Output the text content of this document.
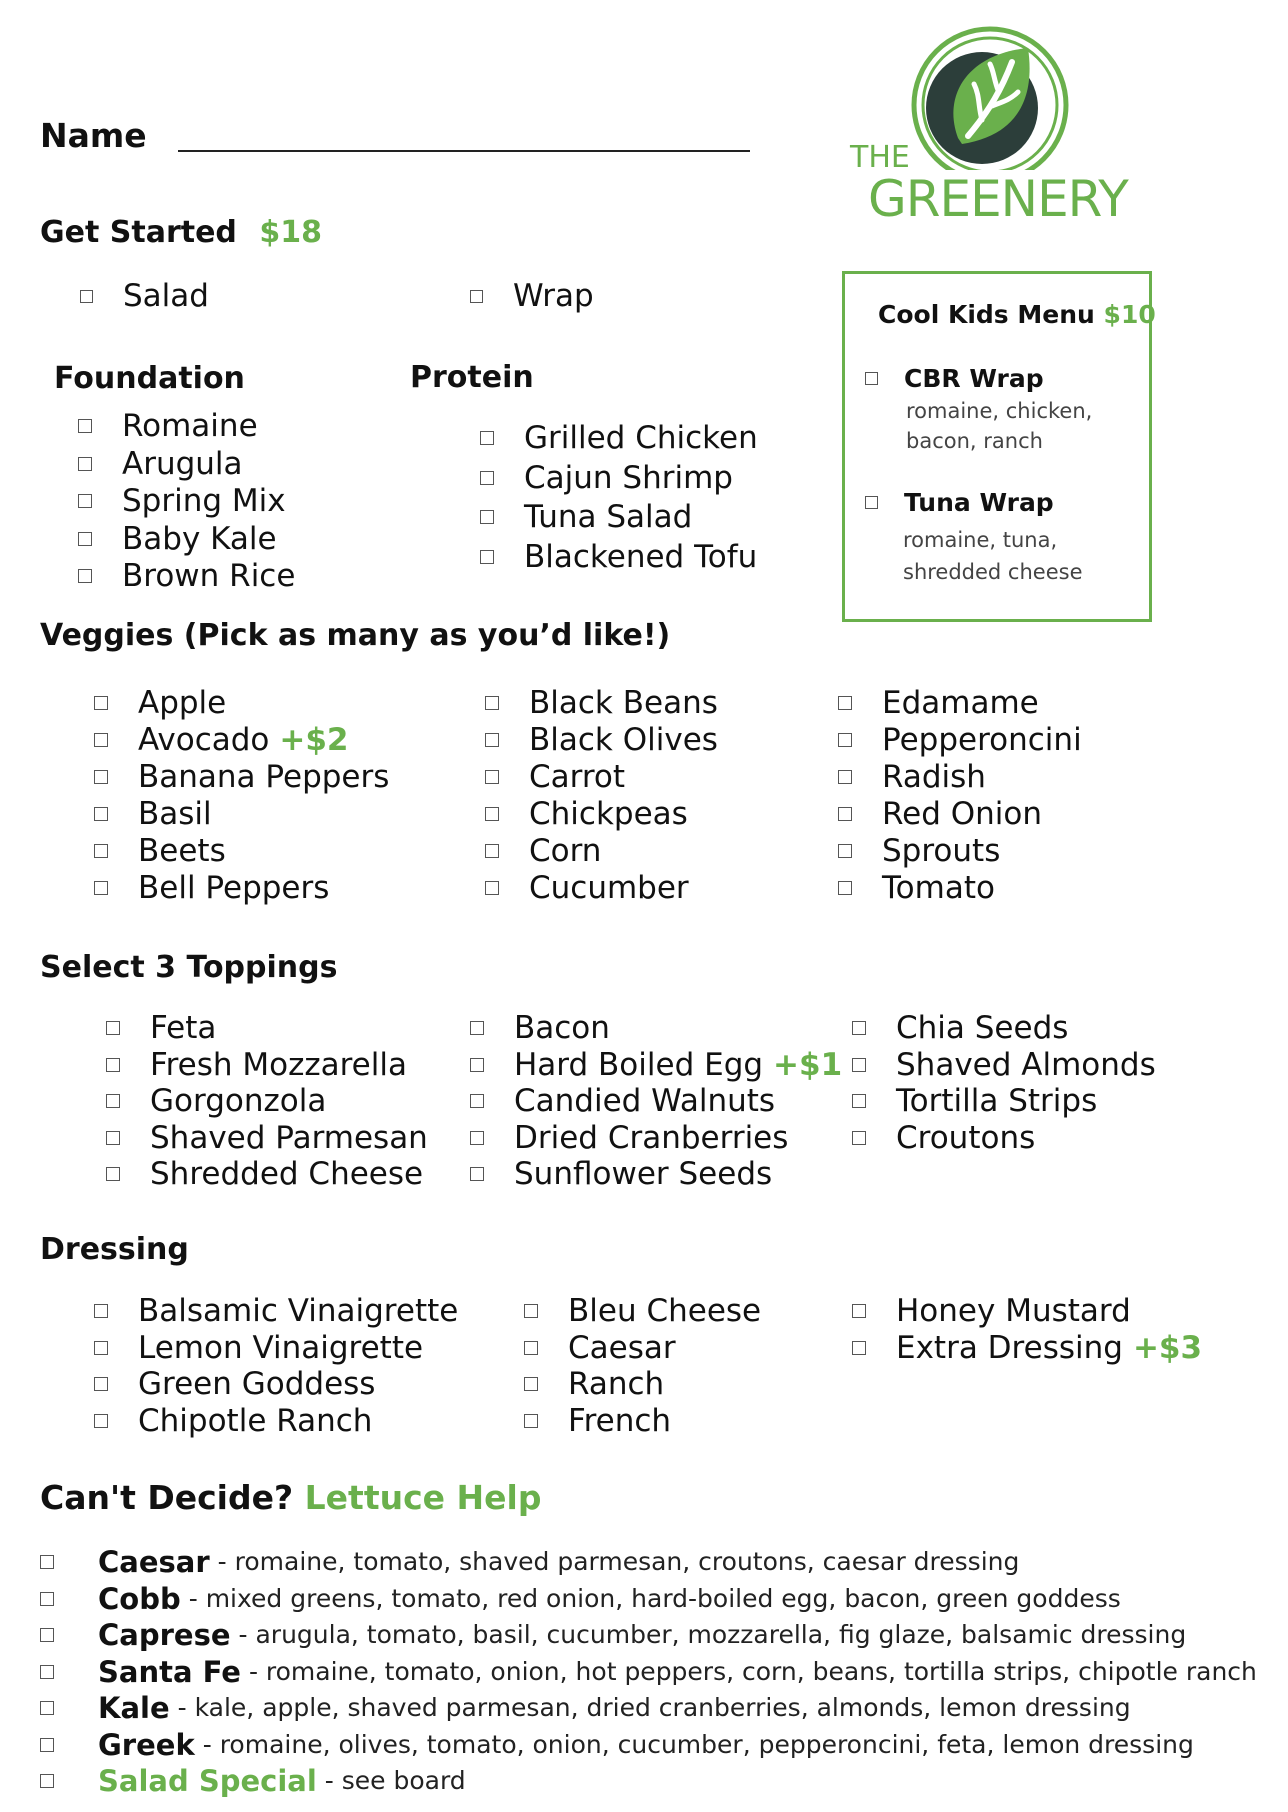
Name
THE
GREENERY
Get Started $18
Salad	Wrap
Cool Kids Menu $10
CBR Wrap
romaine, chicken,
bacon, ranch
Tuna Wrap
romaine, tuna,
shredded cheese
Foundation
Romaine
Arugula
Spring Mix
Baby Kale
Brown Rice
Protein
Grilled Chicken
Cajun Shrimp
Tuna Salad
Blackened Tofu
Veggies (Pick as many as you’d like!)
Apple
Avocado +$2
Banana Peppers
Basil
Beets
Bell Peppers
Black Beans
Black Olives
Carrot
Chickpeas
Corn
Cucumber
Edamame
Pepperoncini
Radish
Red Onion
Sprouts
Tomato
Select 3 Toppings
Feta
Fresh Mozzarella
Gorgonzola
Shaved Parmesan
Shredded Cheese
Bacon
Hard Boiled Egg +$1
Candied Walnuts
Dried Cranberries
Sunflower Seeds
Chia Seeds
Shaved Almonds
Tortilla Strips
Croutons
Dressing
Balsamic Vinaigrette
Lemon Vinaigrette
Green Goddess
Chipotle Ranch
Bleu Cheese
Caesar
Ranch
French
Honey Mustard
Extra Dressing +$3
Can't Decide? Lettuce Help
Caesar - romaine, tomato, shaved parmesan, croutons, caesar dressing
Cobb - mixed greens, tomato, red onion, hard-boiled egg, bacon, green goddess
Caprese - arugula, tomato, basil, cucumber, mozzarella, fig glaze, balsamic dressing
Santa Fe - romaine, tomato, onion, hot peppers, corn, beans, tortilla strips, chipotle ranch
Kale - kale, apple, shaved parmesan, dried cranberries, almonds, lemon dressing
Greek - romaine, olives, tomato, onion, cucumber, pepperoncini, feta, lemon dressing
Salad Special - see board
